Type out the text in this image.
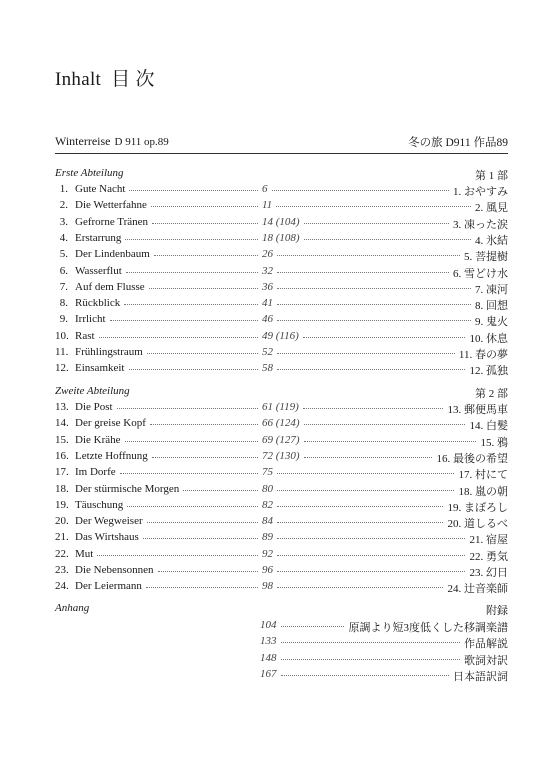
Inhalt 目 次
Winterreise D 911 op.89	冬の旅 D911 作品89
Erste Abteilung	第 1 部
1. Gute Nacht	6	1. おやすみ
2. Die Wetterfahne	11	2. 風見
3. Gefrorne Tränen	14 (104)	3. 凍った涙
4. Erstarrung	18 (108)	4. 氷結
5. Der Lindenbaum	26	5. 菩提樹
6. Wasserflut	32	6. 雪どけ水
7. Auf dem Flusse	36	7. 凍河
8. Rückblick	41	8. 回想
9. Irrlicht	46	9. 鬼火
10. Rast	49 (116)	10. 休息
11. Frühlingstraum	52	11. 春の夢
12. Einsamkeit	58	12. 孤独
Zweite Abteilung	第 2 部
13. Die Post	61 (119)	13. 郵便馬車
14. Der greise Kopf	66 (124)	14. 白髪
15. Die Krähe	69 (127)	15. 鴉
16. Letzte Hoffnung	72 (130)	16. 最後の希望
17. Im Dorfe	75	17. 村にて
18. Der stürmische Morgen	80	18. 嵐の朝
19. Täuschung	82	19. まぼろし
20. Der Wegweiser	84	20. 道しるべ
21. Das Wirtshaus	89	21. 宿屋
22. Mut	92	22. 勇気
23. Die Nebensonnen	96	23. 幻日
24. Der Leiermann	98	24. 辻音楽師
Anhang	附録
104	原調より短3度低くした移調楽譜
133	作品解説
148	歌詞対訳
167	日本語訳詞
